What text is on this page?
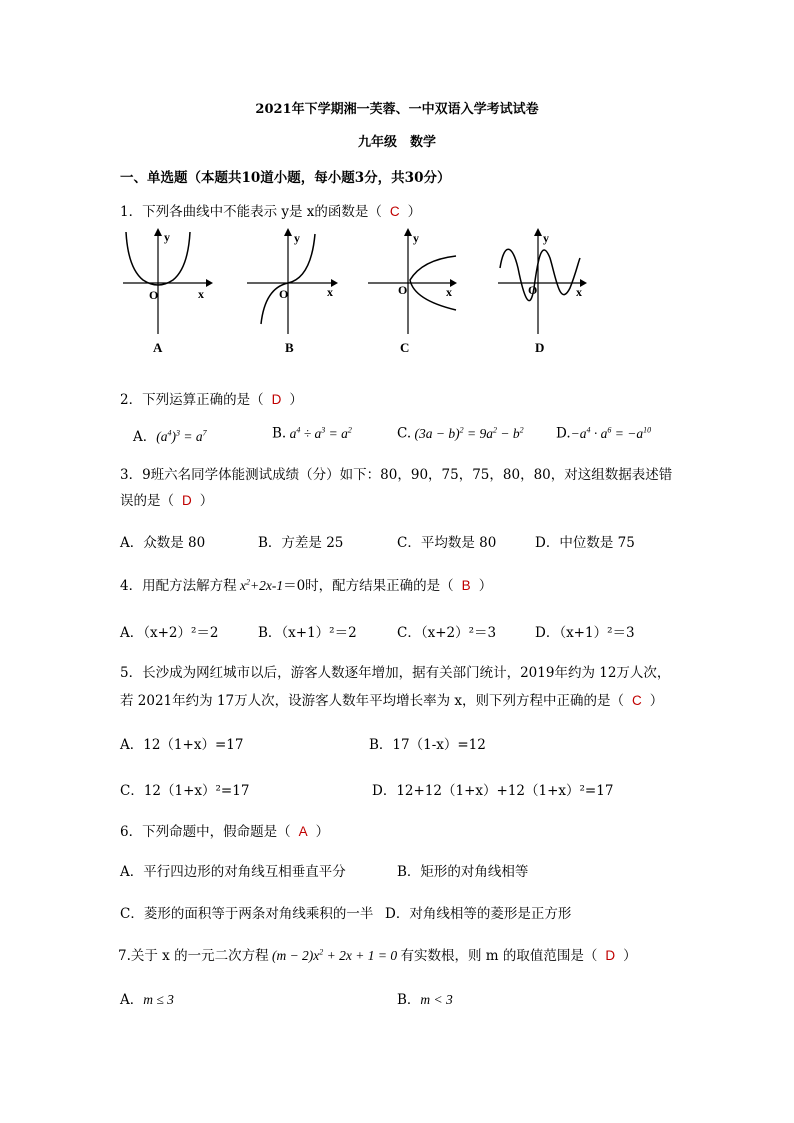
2021年下学期湘一芙蓉、一中双语入学考试试卷
九年级　数学
一、单选题（本题共10道小题，每小题3分，共30分）
1．下列各曲线中不能表示 y是 x的函数是（ C ）
O	x
y
O	x
y
O	x
y
O	x
y
A	B	C	D
2．下列运算正确的是（ D ）
A．$(a^4)^3 = a^7$	B. $a^4 \div a^3 = a^2$	C. $(3a - b)^2 = 9a^2 - b^2$ $D.-a^4 \cdot a^6 = -a^{10}$
3．9班六名同学体能测试成绩（分）如下：80，90，75，75，80，80，对这组数据表述错
误的是（ D ）
A．众数是 80	B．方差是 25	C．平均数是 80	D．中位数是 75
4．用配方法解方程 $x^2+2x-1=0$时，配方结果正确的是（ B ）
A．（x+2）²＝2	B．（x+1）²＝2	C．（x+2）²＝3	D．（x+1）²＝3
5．长沙成为网红城市以后，游客人数逐年增加，据有关部门统计，2019年约为 12万人次，
若 2021年约为 17万人次，设游客人数年平均增长率为 x，则下列方程中正确的是（ C ）
A．12（1+x）=17	B．17（1-x）=12
C．12（1+x）²=17	D．12+12（1+x）+12（1+x）²=17
6．下列命题中，假命题是（ A ）
A．平行四边形的对角线互相垂直平分	B．矩形的对角线相等
C．菱形的面积等于两条对角线乘积的一半 D．对角线相等的菱形是正方形
7.关于 x 的一元二次方程 $(m - 2)x^2 + 2x + 1 = 0$ 有实数根，则 m 的取值范围是（ D ）
A．m ≤ 3	B．m < 3
